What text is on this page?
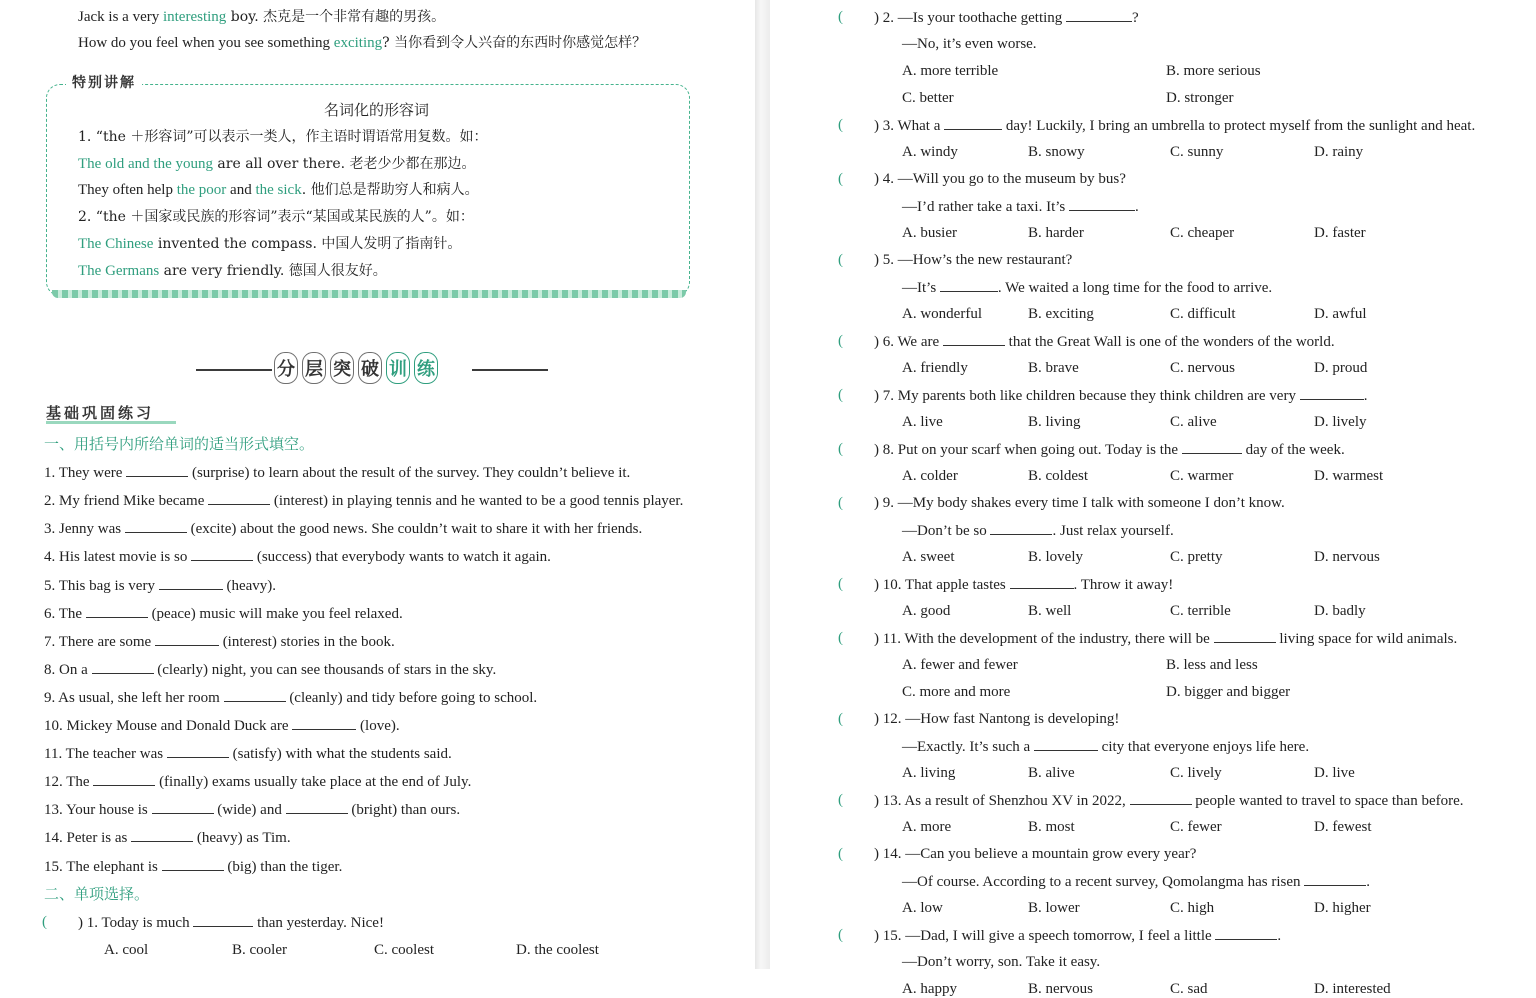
Jack is a very interesting boy. 杰克是一个非常有趣的男孩。
How do you feel when you see something exciting? 当你看到令人兴奋的东西时你感觉怎样？
特别讲解
名词化的形容词
1. “the ＋形容词”可以表示一类人，作主语时谓语常用复数。如：
The old and the young are all over there. 老老少少都在那边。
They often help the poor and the sick. 他们总是帮助穷人和病人。
2. “the ＋国家或民族的形容词”表示“某国或某民族的人”。如：
The Chinese invented the compass. 中国人发明了指南针。
The Germans are very friendly. 德国人很友好。
分 层 突 破 训 练
基础巩固练习
一、用括号内所给单词的适当形式填空。
1. They were	(surprise) to learn about the result of the survey. They couldn’t believe it.
2. My friend Mike became	(interest) in playing tennis and he wanted to be a good tennis player.
3. Jenny was	(excite) about the good news. She couldn’t wait to share it with her friends.
4. His latest movie is so	(success) that everybody wants to watch it again.
5. This bag is very	(heavy).
6. The	(peace) music will make you feel relaxed.
7. There are some	(interest) stories in the book.
8. On a	(clearly) night, you can see thousands of stars in the sky.
9. As usual, she left her room	(cleanly) and tidy before going to school.
10. Mickey Mouse and Donald Duck are	(love).
11. The teacher was	(satisfy) with what the students said.
12. The	(finally) exams usually take place at the end of July.
13. Your house is	(wide) and	(bright) than ours.
14. Peter is as	(heavy) as Tim.
15. The elephant is	(big) than the tiger.
二、单项选择。
( ) 1. Today is much	than yesterday. Nice!
A. cool	B. cooler	C. coolest	D. the coolest
( ) 2. —Is your toothache getting	?
—No, it’s even worse.
A. more terrible	B. more serious
C. better	D. stronger
( ) 3. What a	day! Luckily, I bring an umbrella to protect myself from the sunlight and heat.
A. windy	B. snowy	C. sunny	D. rainy
( ) 4. —Will you go to the museum by bus?
—I’d rather take a taxi. It’s	.
A. busier	B. harder	C. cheaper	D. faster
( ) 5. —How’s the new restaurant?
—It’s	. We waited a long time for the food to arrive.
A. wonderful	B. exciting	C. difficult	D. awful
( ) 6. We are	that the Great Wall is one of the wonders of the world.
A. friendly	B. brave	C. nervous	D. proud
( ) 7. My parents both like children because they think children are very	.
A. live	B. living	C. alive	D. lively
( ) 8. Put on your scarf when going out. Today is the	day of the week.
A. colder	B. coldest	C. warmer	D. warmest
( ) 9. —My body shakes every time I talk with someone I don’t know.
—Don’t be so	. Just relax yourself.
A. sweet	B. lovely	C. pretty	D. nervous
( ) 10. That apple tastes	. Throw it away!
A. good	B. well	C. terrible	D. badly
( ) 11. With the development of the industry, there will be	living space for wild animals.
A. fewer and fewer	B. less and less
C. more and more	D. bigger and bigger
( ) 12. —How fast Nantong is developing!
—Exactly. It’s such a	city that everyone enjoys life here.
A. living	B. alive	C. lively	D. live
( ) 13. As a result of Shenzhou XV in 2022,	people wanted to travel to space than before.
A. more	B. most	C. fewer	D. fewest
( ) 14. —Can you believe a mountain grow every year?
—Of course. According to a recent survey, Qomolangma has risen	.
A. low	B. lower	C. high	D. higher
( ) 15. —Dad, I will give a speech tomorrow, I feel a little	.
—Don’t worry, son. Take it easy.
A. happy	B. nervous	C. sad	D. interested
